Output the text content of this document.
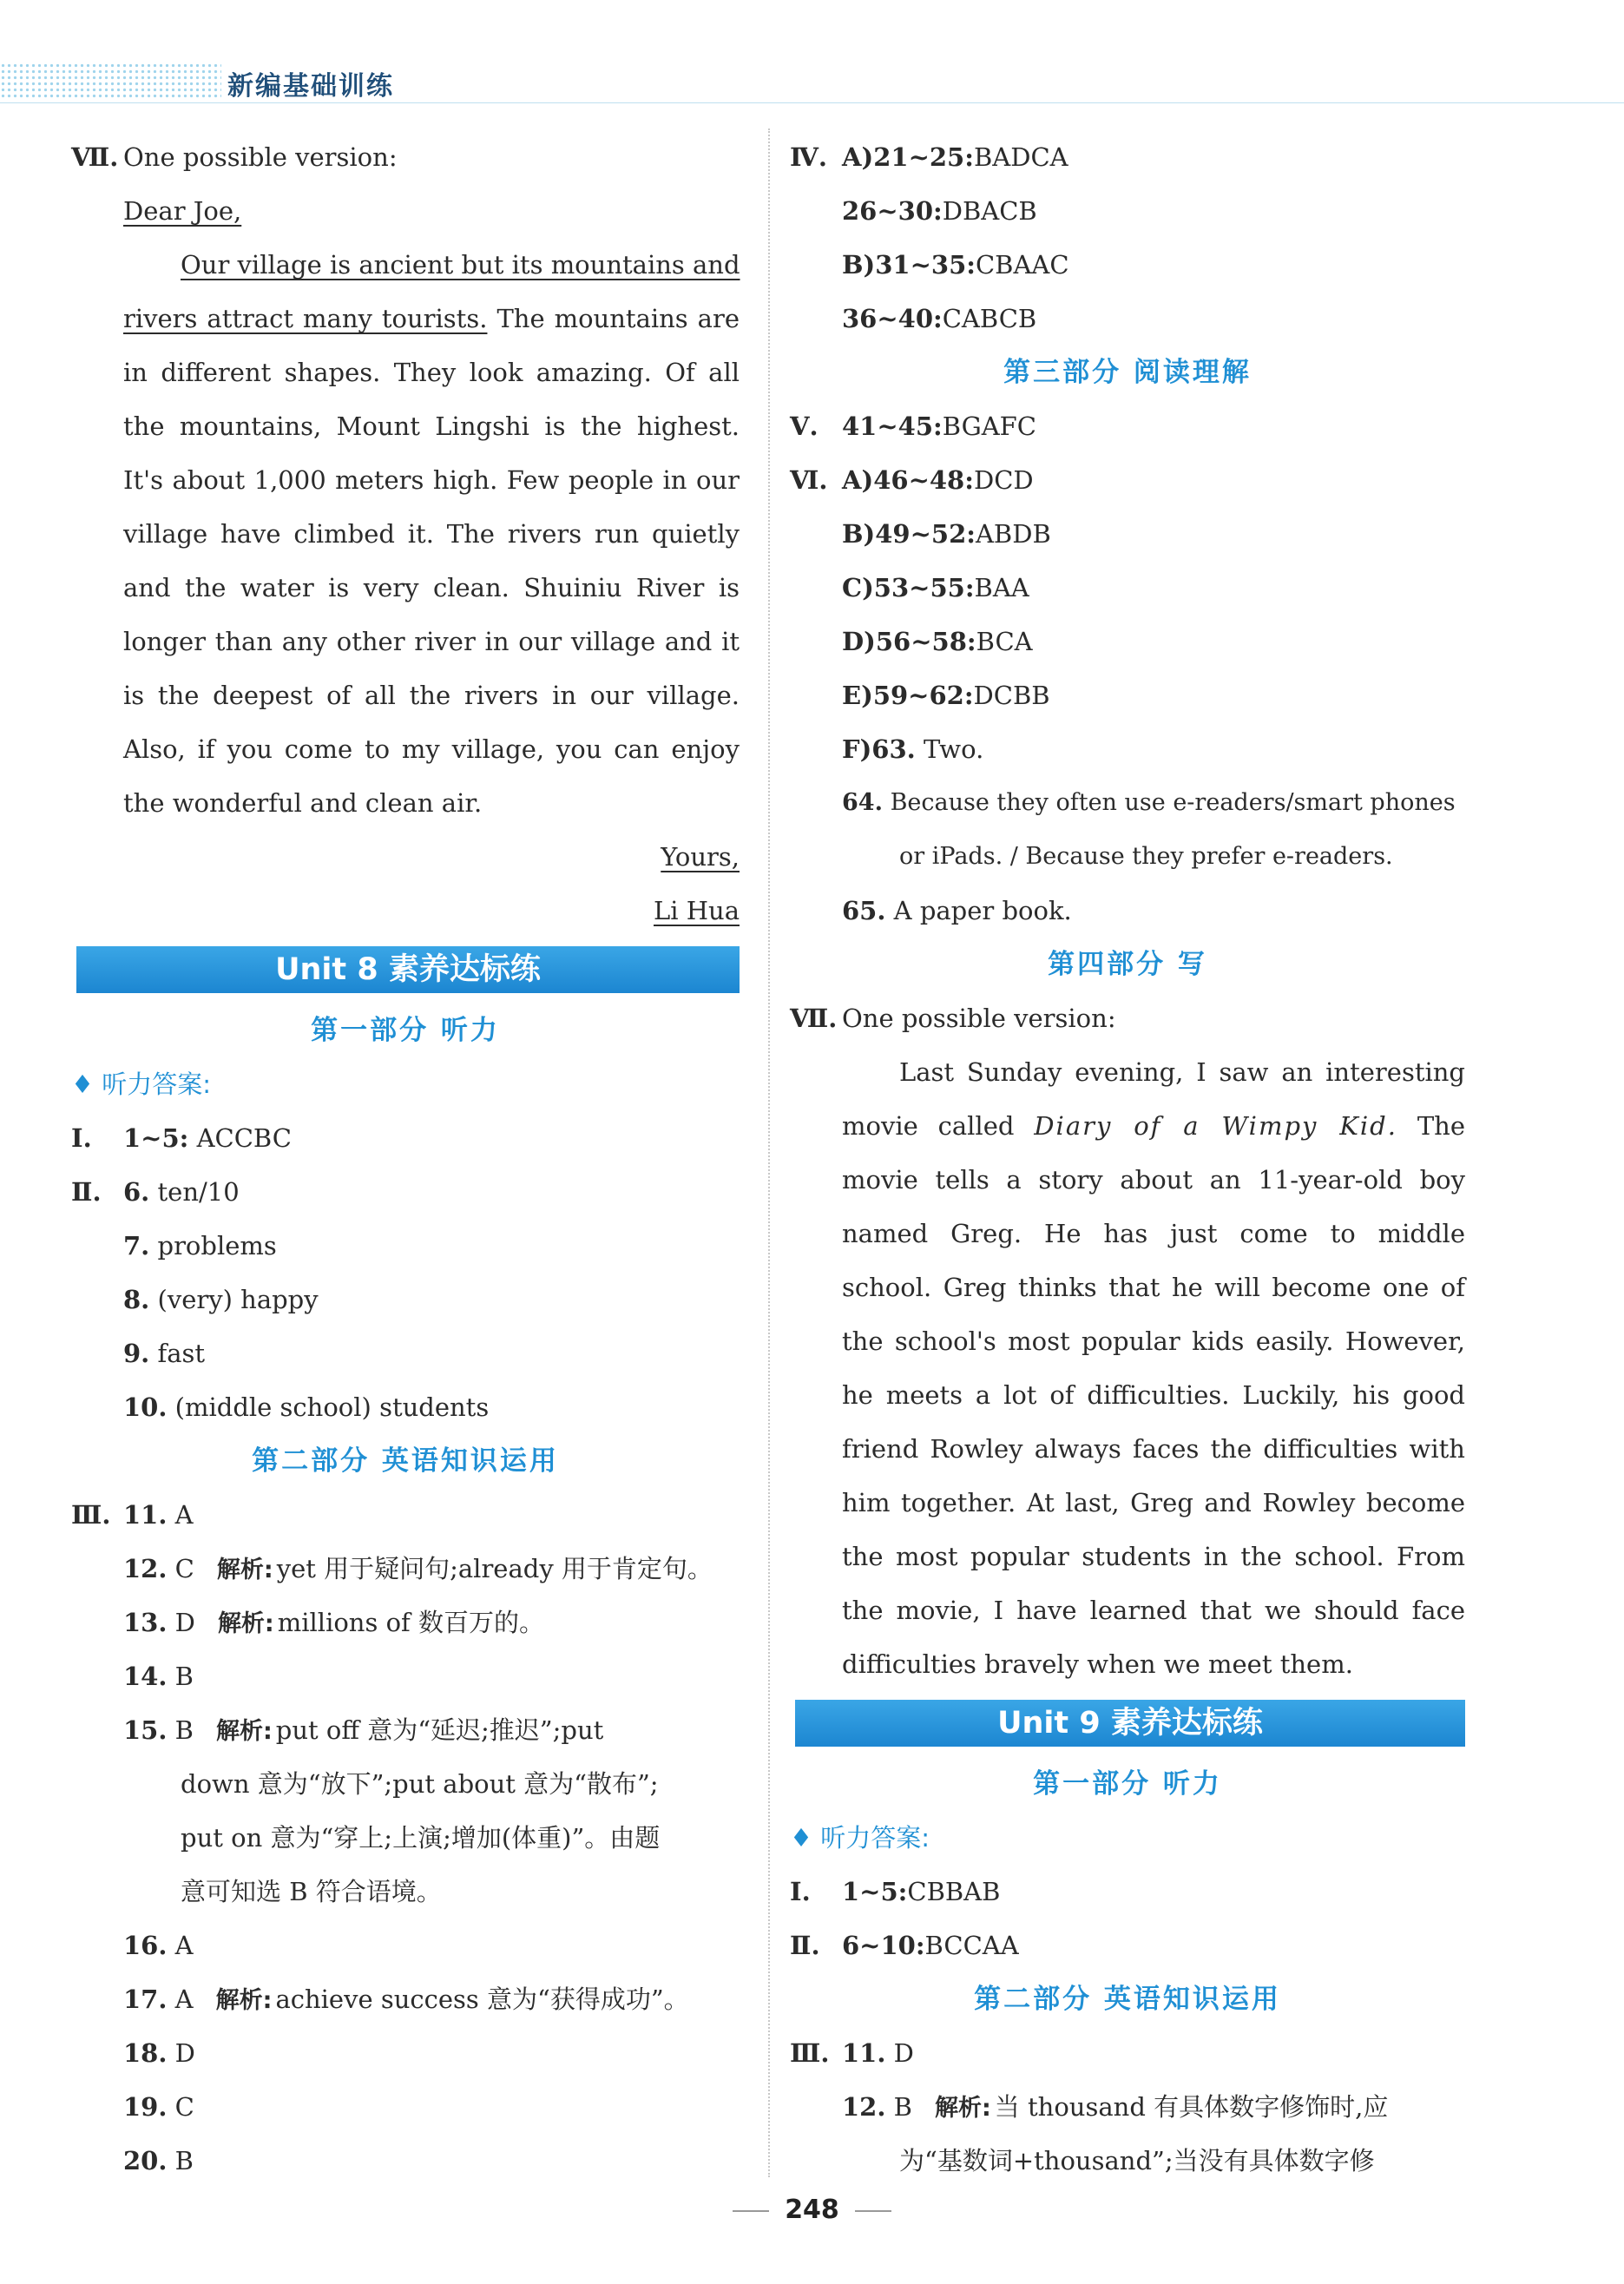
新编基础训练
Ⅶ. One possible version:
Dear Joe,
Our village is ancient but its mountains and
rivers attract many tourists. The mountains are
in different shapes. They look amazing. Of all
the mountains, Mount Lingshi is the highest.
It's about 1,000 meters high. Few people in our
village have climbed it. The rivers run quietly
and the water is very clean. Shuiniu River is
longer than any other river in our village and it
is the deepest of all the rivers in our village.
Also, if you come to my village, you can enjoy
the wonderful and clean air.
Yours,
Li Hua
Unit 8 素养达标练
第一部分 听力
♦ 听力答案:
Ⅰ. 1~5: ACCBC
Ⅱ. 6. ten/10
7. problems
8. (very) happy
9. fast
10. (middle school) students
第二部分 英语知识运用
Ⅲ. 11. A
12. C 解析: yet 用于疑问句;already 用于肯定句。
13. D 解析: millions of 数百万的。
14. B
15. B 解析: put off 意为“延迟;推迟”;put
down 意为“放下”;put about 意为“散布”;
put on 意为“穿上;上演;增加(体重)”。由题
意可知选 B 符合语境。
16. A
17. A 解析: achieve success 意为“获得成功”。
18. D
19. C
20. B
Ⅳ. A)21~25:BADCA
26~30:DBACB
B)31~35:CBAAC
36~40:CABCB
第三部分 阅读理解
Ⅴ. 41~45:BGAFC
Ⅵ. A)46~48:DCD
B)49~52:ABDB
C)53~55:BAA
D)56~58:BCA
E)59~62:DCBB
F)63. Two.
64. Because they often use e-readers/smart phones
or iPads. / Because they prefer e-readers.
65. A paper book.
第四部分 写
Ⅶ. One possible version:
Last Sunday evening, I saw an interesting
movie called Diary of a Wimpy Kid. The
movie tells a story about an 11-year-old boy
named Greg. He has just come to middle
school. Greg thinks that he will become one of
the school's most popular kids easily. However,
he meets a lot of difficulties. Luckily, his good
friend Rowley always faces the difficulties with
him together. At last, Greg and Rowley become
the most popular students in the school. From
the movie, I have learned that we should face
difficulties bravely when we meet them.
Unit 9 素养达标练
第一部分 听力
♦ 听力答案:
Ⅰ. 1~5:CBBAB
Ⅱ. 6~10:BCCAA
第二部分 英语知识运用
Ⅲ. 11. D
12. B 解析: 当 thousand 有具体数字修饰时,应
为“基数词+thousand”;当没有具体数字修
248
